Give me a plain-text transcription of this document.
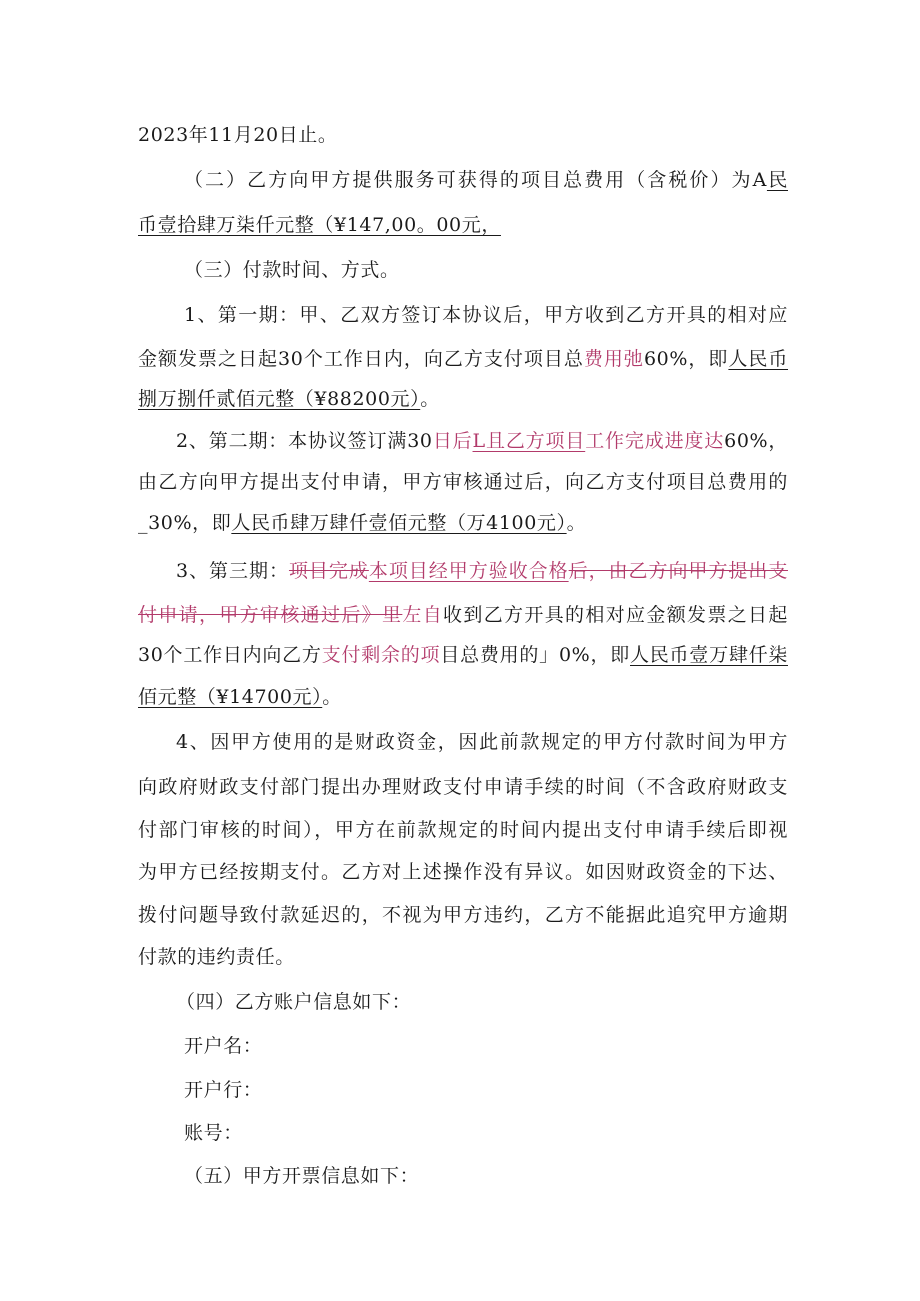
2023年11月20日止。
（二）乙方向甲方提供服务可获得的项目总费用（含税价）为A民
币壹拾肆万柒仟元整（¥147,00。00元，
（三）付款时间、方式。
1、第一期：甲、乙双方签订本协议后，甲方收到乙方开具的相对应
金额发票之日起30个工作日内，向乙方支付项目总费用弛60%，即人民币
捌万捌仟贰佰元整（¥88200元）。
2、第二期：本协议签订满30日后L且乙方项目工作完成进度达60%，
由乙方向甲方提出支付申请，甲方审核通过后，向乙方支付项目总费用的
_30%，即人民币肆万肆仟壹佰元整（万4100元）。
3、第三期：项目完成本项目经甲方验收合格后，由乙方向甲方提出支
付申请，甲方审核通过后》里左自收到乙方开具的相对应金额发票之日起
30个工作日内向乙方支付剩余的项目总费用的」0%，即人民币壹万肆仟柒
佰元整（¥14700元）。
4、因甲方使用的是财政资金，因此前款规定的甲方付款时间为甲方
向政府财政支付部门提出办理财政支付申请手续的时间（不含政府财政支
付部门审核的时间），甲方在前款规定的时间内提出支付申请手续后即视
为甲方已经按期支付。乙方对上述操作没有异议。如因财政资金的下达、
拨付问题导致付款延迟的，不视为甲方违约，乙方不能据此追究甲方逾期
付款的违约责任。
（四）乙方账户信息如下：
开户名：
开户行：
账号：
（五）甲方开票信息如下：
